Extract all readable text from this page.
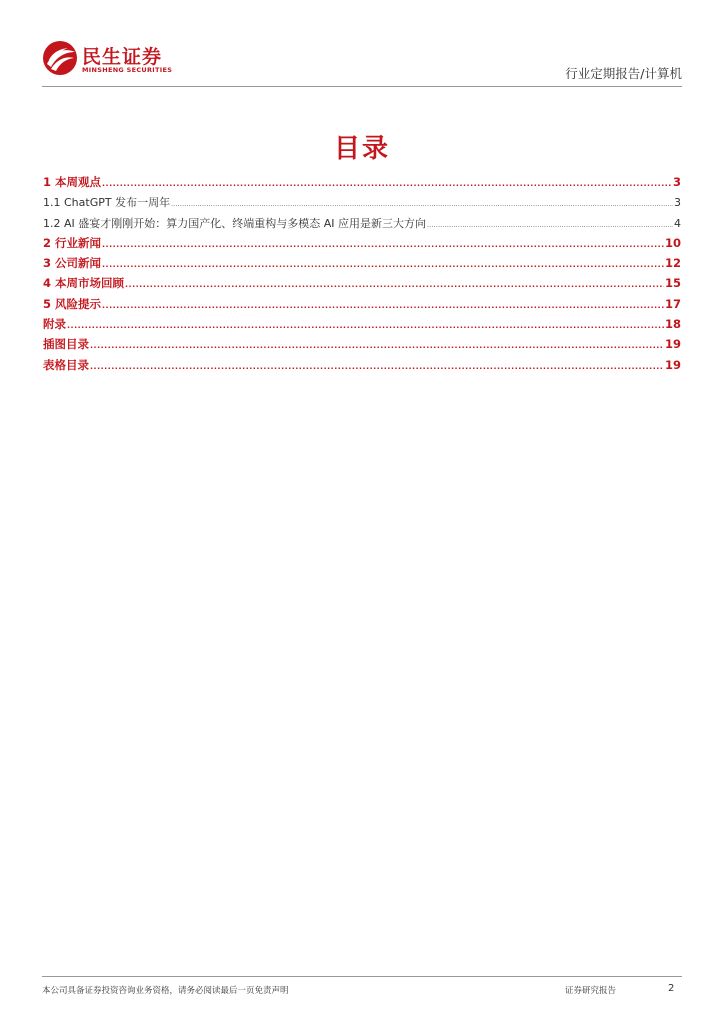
民生证券
MINSHENG SECURITIES	行业定期报告/计算机
目录
1 本周观点 .....	3
1.1 ChatGPT 发布一周年 .....	3
1.2 AI 盛宴才刚刚开始：算力国产化、终端重构与多模态 AI 应用是新三大方向 .....	4
2 行业新闻 .....	10
3 公司新闻 .....	12
4 本周市场回顾 .....	15
5 风险提示 .....	17
附录 .....	18
插图目录 .....	19
表格目录 .....	19
本公司具备证券投资咨询业务资格，请务必阅读最后一页免责声明	证券研究报告	2
